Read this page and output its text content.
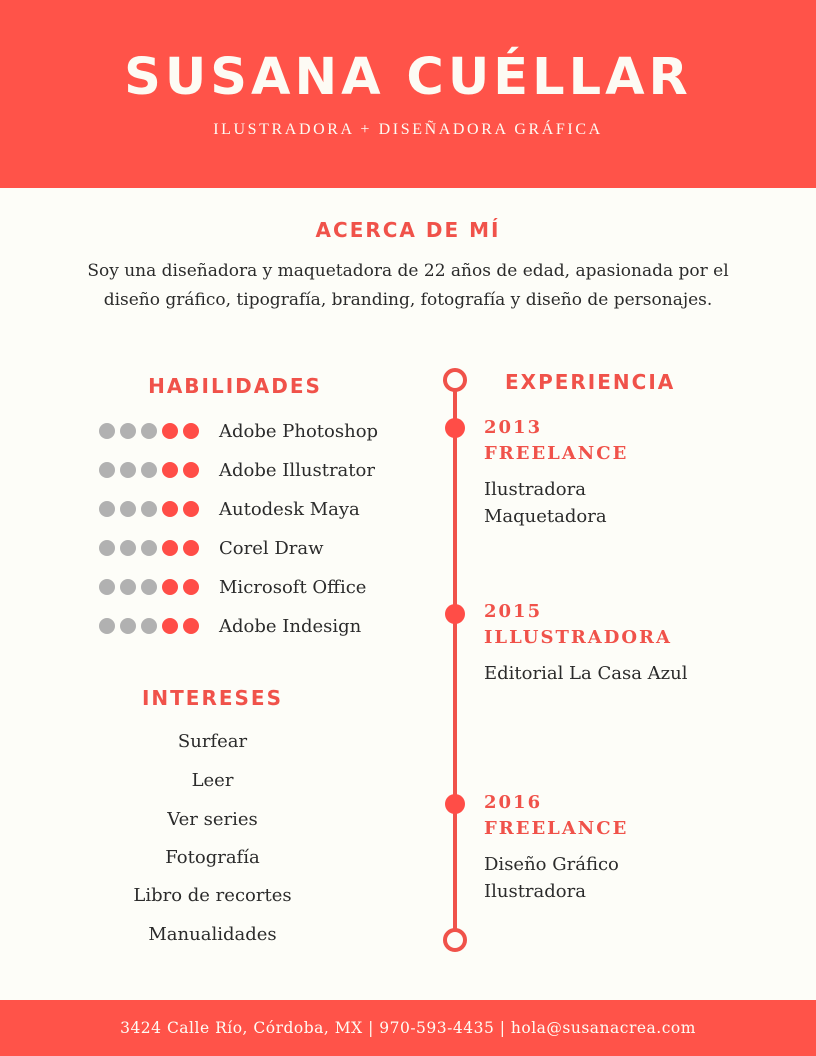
SUSANA CUÉLLAR
ILUSTRADORA + DISEÑADORA GRÁFICA
ACERCA DE MÍ
Soy una diseñadora y maquetadora de 22 años de edad, apasionada por el
diseño gráfico, tipografía, branding, fotografía y diseño de personajes.
HABILIDADES
Adobe Photoshop
Adobe Illustrator
Autodesk Maya
Corel Draw
Microsoft Office
Adobe Indesign
INTERESES
Surfear
Leer
Ver series
Fotografía
Libro de recortes
Manualidades
EXPERIENCIA
2013
FREELANCE
Ilustradora
Maquetadora
2015
ILLUSTRADORA
Editorial La Casa Azul
2016
FREELANCE
Diseño Gráfico
Ilustradora
3424 Calle Río, Córdoba, MX | 970-593-4435 | hola@susanacrea.com
